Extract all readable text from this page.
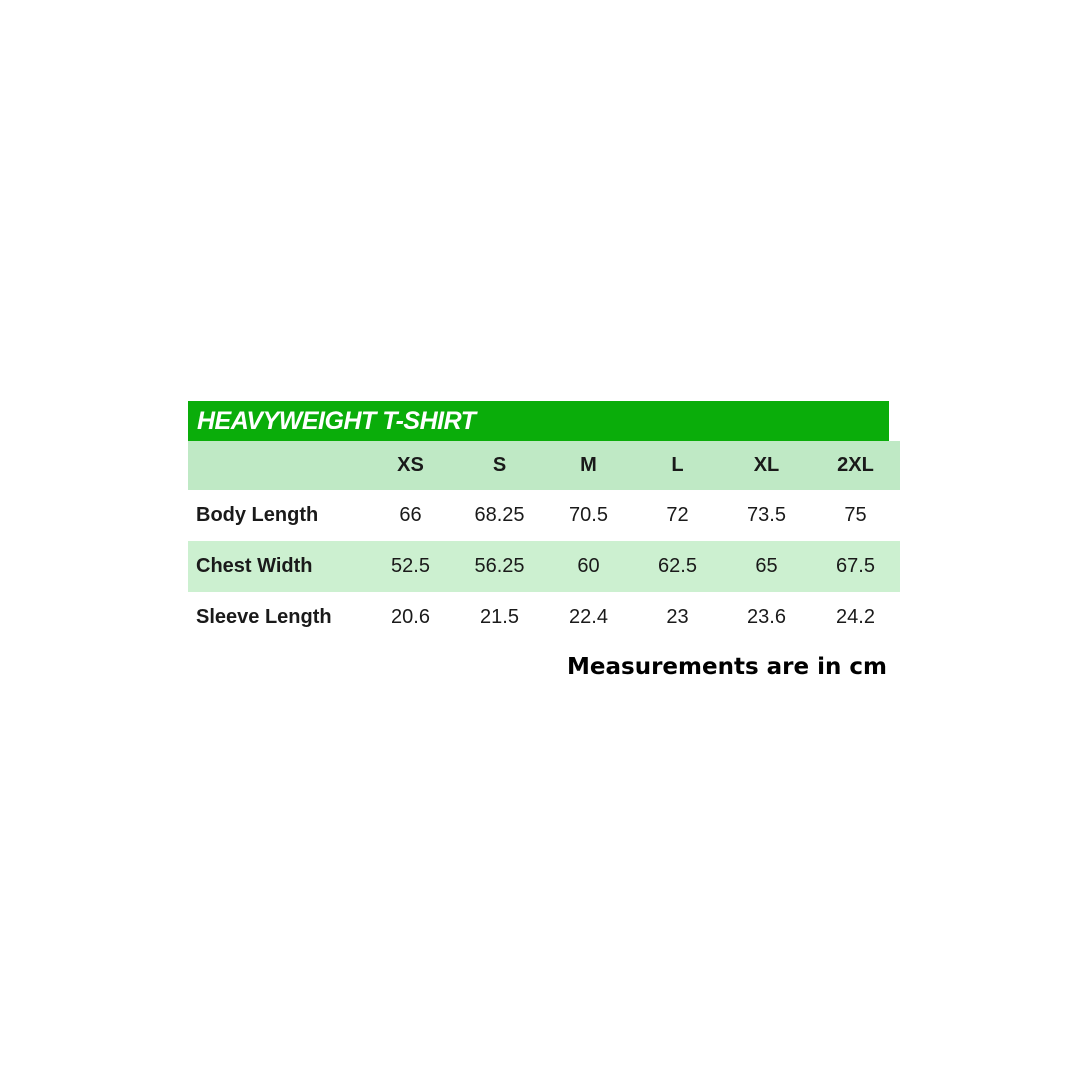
HEAVYWEIGHT T-SHIRT
	XS	S	M	L	XL	2XL
Body Length	66	68.25	70.5	72	73.5	75
Chest Width	52.5	56.25	60	62.5	65	67.5
Sleeve Length	20.6	21.5	22.4	23	23.6	24.2
Measurements are in cm
